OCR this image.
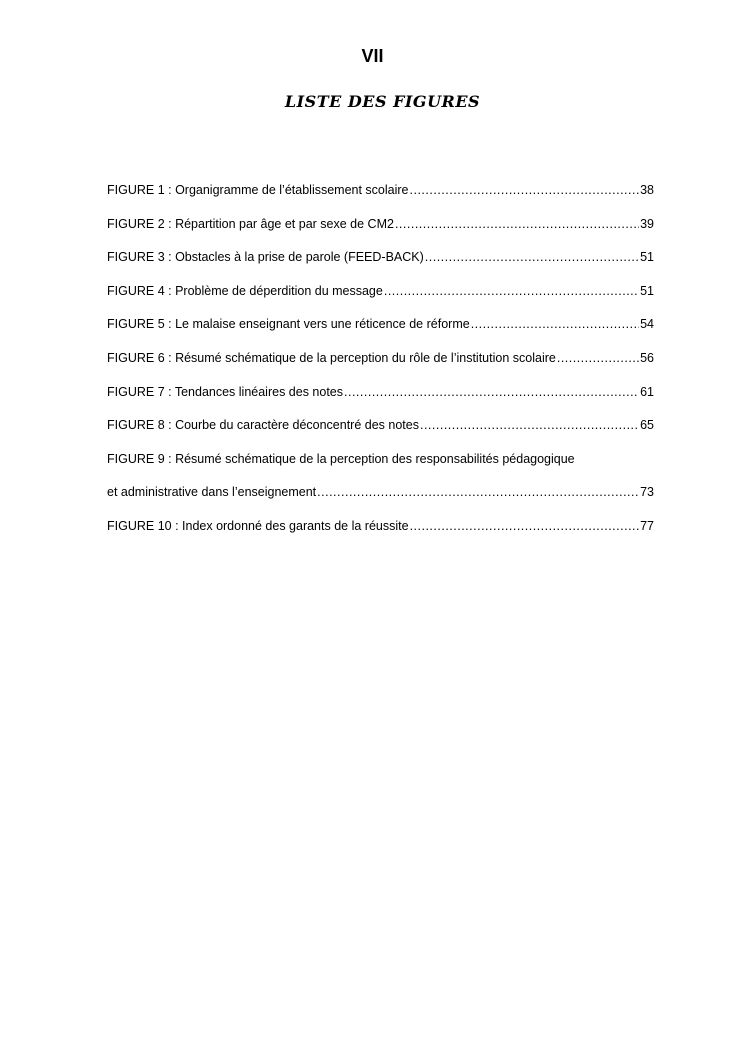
VII
LISTE DES FIGURES
FIGURE 1 : Organigramme de l’établissement scolaire .....	38
FIGURE 2 : Répartition par âge et par sexe de CM2 .....	39
FIGURE 3 : Obstacles à la prise de parole (FEED-BACK) .....	51
FIGURE 4 : Problème de déperdition du message .....	51
FIGURE 5 : Le malaise enseignant vers une réticence de réforme .....	54
FIGURE 6 : Résumé schématique de la perception du rôle de l’institution scolaire .....	56
FIGURE 7 : Tendances linéaires des notes .....	61
FIGURE 8 : Courbe du caractère déconcentré des notes .....	65
FIGURE 9 : Résumé schématique de la perception des responsabilités pédagogique
et administrative dans l’enseignement .....	73
FIGURE 10 : Index ordonné des garants de la réussite .....	77
